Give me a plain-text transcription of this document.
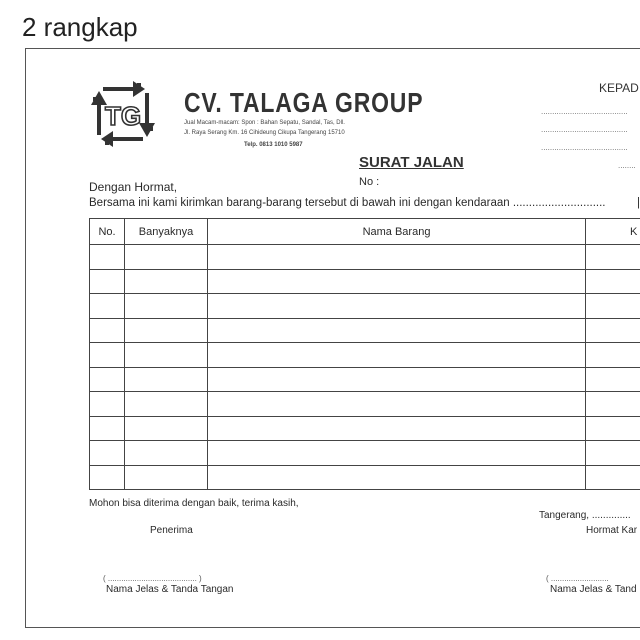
2 rangkap
TG CV. TALAGA GROUP
Jual Macam-macam: Spon : Bahan Sepatu, Sandal, Tas, Dll.
Jl. Raya Serang Km. 16 Cihideung Cikupa Tangerang 15710
Telp. 0813 1010 5987
KEPAD
.......................................
.......................................
.......................................
........
SURAT JALAN
No :
Dengan Hormat,
Bersama ini kami kirimkan barang-barang tersebut di bawah ini dengan kendaraan .............................	|
No.	Banyaknya	Nama Barang	K

Mohon bisa diterima dengan baik, terima kasih,
Penerima
Tangerang, ..............
Hormat Kar
( ........................................ )
Nama Jelas & Tanda Tangan
( ..........................
Nama Jelas & Tand
